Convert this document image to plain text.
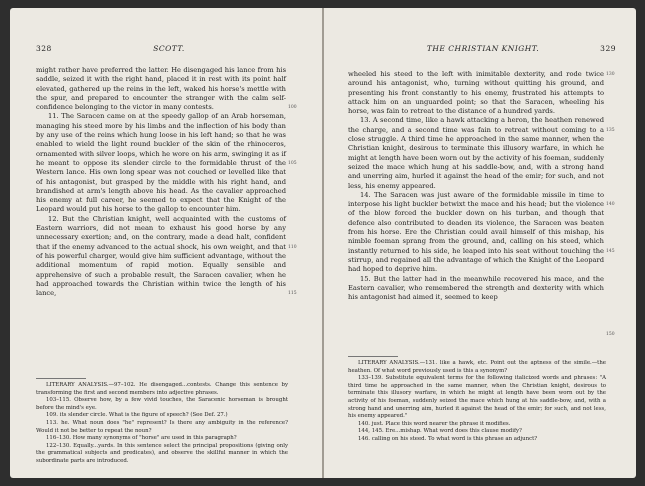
328	SCOTT.

might rather have preferred the latter. He disengaged his lance from his saddle, seized it with the right hand, placed it in rest with its point half elevated, gathered up the reins in the left, waked his horse's mettle with the spur, and prepared to encounter the stranger with the calm self-confidence belonging to the victor in many contests.

11. The Saracen came on at the speedy gallop of an Arab horseman, managing his steed more by his limbs and the inflection of his body than by any use of the reins which hung loose in his left hand; so that he was enabled to wield the light round buckler of the skin of the rhinoceros, ornamented with silver loops, which he wore on his arm, swinging it as if he meant to oppose its slender circle to the formidable thrust of the Western lance. His own long spear was not couched or levelled like that of his antagonist, but grasped by the middle with his right hand, and brandished at arm's length above his head. As the cavalier approached his enemy at full career, he seemed to expect that the Knight of the Leopard would put his horse to the gallop to encounter him.

12. But the Christian knight, well acquainted with the customs of Eastern warriors, did not mean to exhaust his good horse by any unnecessary exertion; and, on the contrary, made a dead halt, confident that if the enemy advanced to the actual shock, his own weight, and that of his powerful charger, would give him sufficient advantage, without the additional momentum of rapid motion. Equally sensible and apprehensive of such a probable result, the Saracen cavalier, when he had approached towards the Christian within twice the length of his lance,

100
105
110
115

LITERARY ANALYSIS.—97–102. He disengaged...contests. Change this sentence by transforming the first and second members into adjective phrases.

103–115. Observe how, by a few vivid touches, the Saracenic horseman is brought before the mind's eye.

109. its slender circle. What is the figure of speech? (See Def. 27.)

113. he. What noun does "he" represent? Is there any ambiguity in the reference? Would it not be better to repeat the noun?

116–130. How many synonyms of "horse" are used in this paragraph?

122–130. Equally...yards. In this sentence select the principal propositions (giving only the grammatical subjects and predicates), and observe the skillful manner in which the subordinate parts are introduced.

THE CHRISTIAN KNIGHT.	329

wheeled his steed to the left with inimitable dexterity, and rode twice around his antagonist, who, turning without quitting his ground, and presenting his front constantly to his enemy, frustrated his attempts to attack him on an unguarded point; so that the Saracen, wheeling his horse, was fain to retreat to the distance of a hundred yards.

13. A second time, like a hawk attacking a heron, the heathen renewed the charge, and a second time was fain to retreat without coming to a close struggle. A third time he approached in the same manner, when the Christian knight, desirous to terminate this illusory warfare, in which he might at length have been worn out by the activity of his foeman, suddenly seized the mace which hung at his saddle-bow, and, with a strong hand and unerring aim, hurled it against the head of the emir; for such, and not less, his enemy appeared.

14. The Saracen was just aware of the formidable missile in time to interpose his light buckler betwixt the mace and his head; but the violence of the blow forced the buckler down on his turban, and though that defence also contributed to deaden its violence, the Saracen was beaten from his horse. Ere the Christian could avail himself of this mishap, his nimble foeman sprang from the ground, and, calling on his steed, which instantly returned to his side, he leaped into his seat without touching the stirrup, and regained all the advantage of which the Knight of the Leopard had hoped to deprive him.

15. But the latter had in the meanwhile recovered his mace, and the Eastern cavalier, who remembered the strength and dexterity with which his antagonist had aimed it, seemed to keep

130
135
140
145
150

LITERARY ANALYSIS.—131. like a hawk, etc. Point out the aptness of the simile.—the heathen. Of what word previously used is this a synonym?

133–139. Substitute equivalent terms for the following italicized words and phrases: "A third time he approached in the same manner, when the Christian knight, desirous to terminate this illusory warfare, in which he might at length have been worn out by the activity of his foeman, suddenly seized the mace which hung at his saddle-bow, and, with a strong hand and unerring aim, hurled it against the head of the emir; for such, and not less, his enemy appeared."

140. just. Place this word nearer the phrase it modifies.

144, 145. Ere...mishap. What word does this clause modify?

146. calling on his steed. To what word is this phrase an adjunct?
